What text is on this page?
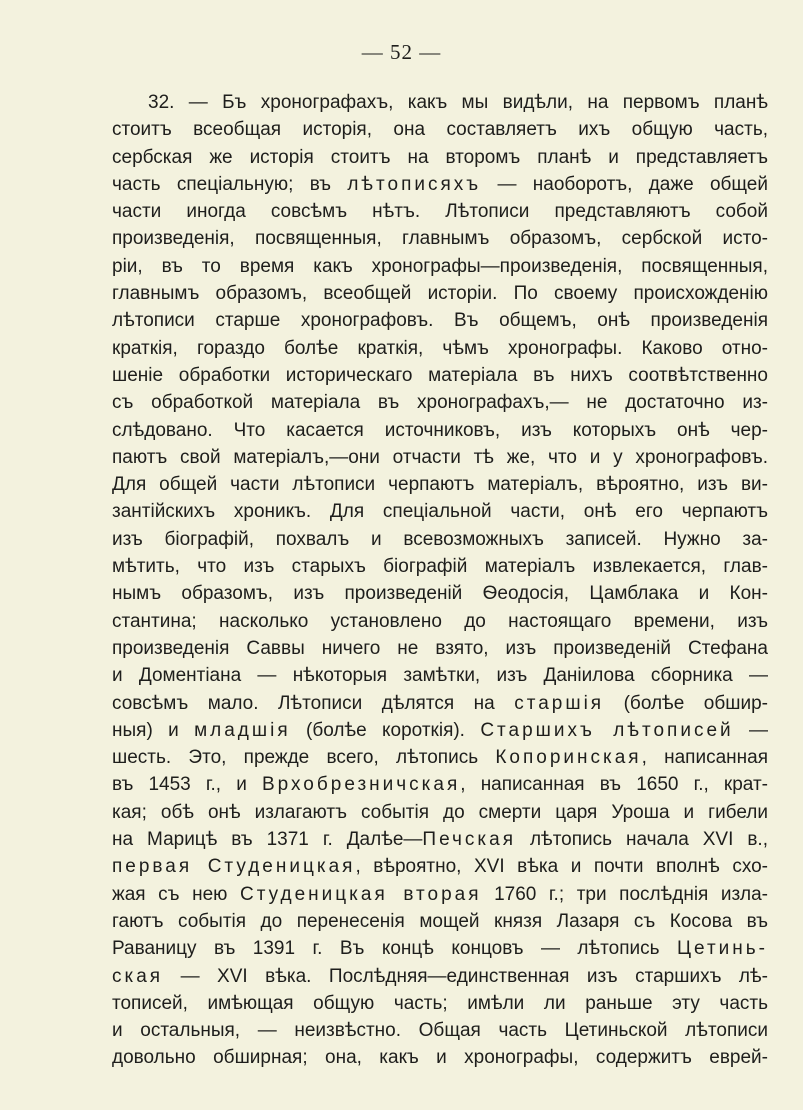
— 52 —
32. — Бъ хронографахъ, какъ мы видѣли, на первомъ планѣ
стоитъ всеобщая исторія, она составляетъ ихъ общую часть,
сербская же исторія стоитъ на второмъ планѣ и представляетъ
часть спеціальную; въ лѣтописяхъ — наоборотъ, даже общей
части иногда совсѣмъ нѣтъ. Лѣтописи представляютъ собой
произведенія, посвященныя, главнымъ образомъ, сербской исто-
ріи, въ то время какъ хронографы—произведенія, посвященныя,
главнымъ образомъ, всеобщей исторіи. По своему происхожденію
лѣтописи старше хронографовъ. Въ общемъ, онѣ произведенія
краткія, гораздо болѣе краткія, чѣмъ хронографы. Каково отно-
шеніе обработки историческаго матеріала въ нихъ соотвѣтственно
съ обработкой матеріала въ хронографахъ,— не достаточно из-
слѣдовано. Что касается источниковъ, изъ которыхъ онѣ чер-
паютъ свой матеріалъ,—они отчасти тѣ же, что и у хронографовъ.
Для общей части лѣтописи черпаютъ матеріалъ, вѣроятно, изъ ви-
зантійскихъ хроникъ. Для спеціальной части, онѣ его черпаютъ
изъ біографій, похвалъ и всевозможныхъ записей. Нужно за-
мѣтить, что изъ старыхъ біографій матеріалъ извлекается, глав-
нымъ образомъ, изъ произведеній Ѳеодосія, Цамблака и Кон-
стантина; насколько установлено до настоящаго времени, изъ
произведенія Саввы ничего не взято, изъ произведеній Стефана
и Доментіана — нѣкоторыя замѣтки, изъ Даніилова сборника —
совсѣмъ мало. Лѣтописи дѣлятся на старшія (болѣе обшир-
ныя) и младшія (болѣе короткія). Старшихъ лѣтописей —
шесть. Это, прежде всего, лѣтопись Копоринская, написанная
въ 1453 г., и Врхобрезничская, написанная въ 1650 г., крат-
кая; обѣ онѣ излагаютъ событія до смерти царя Уроша и гибели
на Марицѣ въ 1371 г. Далѣе—Печская лѣтопись начала XVI в.,
первая Студеницкая, вѣроятно, XVI вѣка и почти вполнѣ схо-
жая съ нею Студеницкая вторая 1760 г.; три послѣднія изла-
гаютъ событія до перенесенія мощей князя Лазаря съ Косова въ
Раваницу въ 1391 г. Въ концѣ концовъ — лѣтопись Цетинь-
ская — XVI вѣка. Послѣдняя—единственная изъ старшихъ лѣ-
тописей, имѣющая общую часть; имѣли ли раньше эту часть
и остальныя, — неизвѣстно. Общая часть Цетиньской лѣтописи
довольно обширная; она, какъ и хронографы, содержитъ еврей-
